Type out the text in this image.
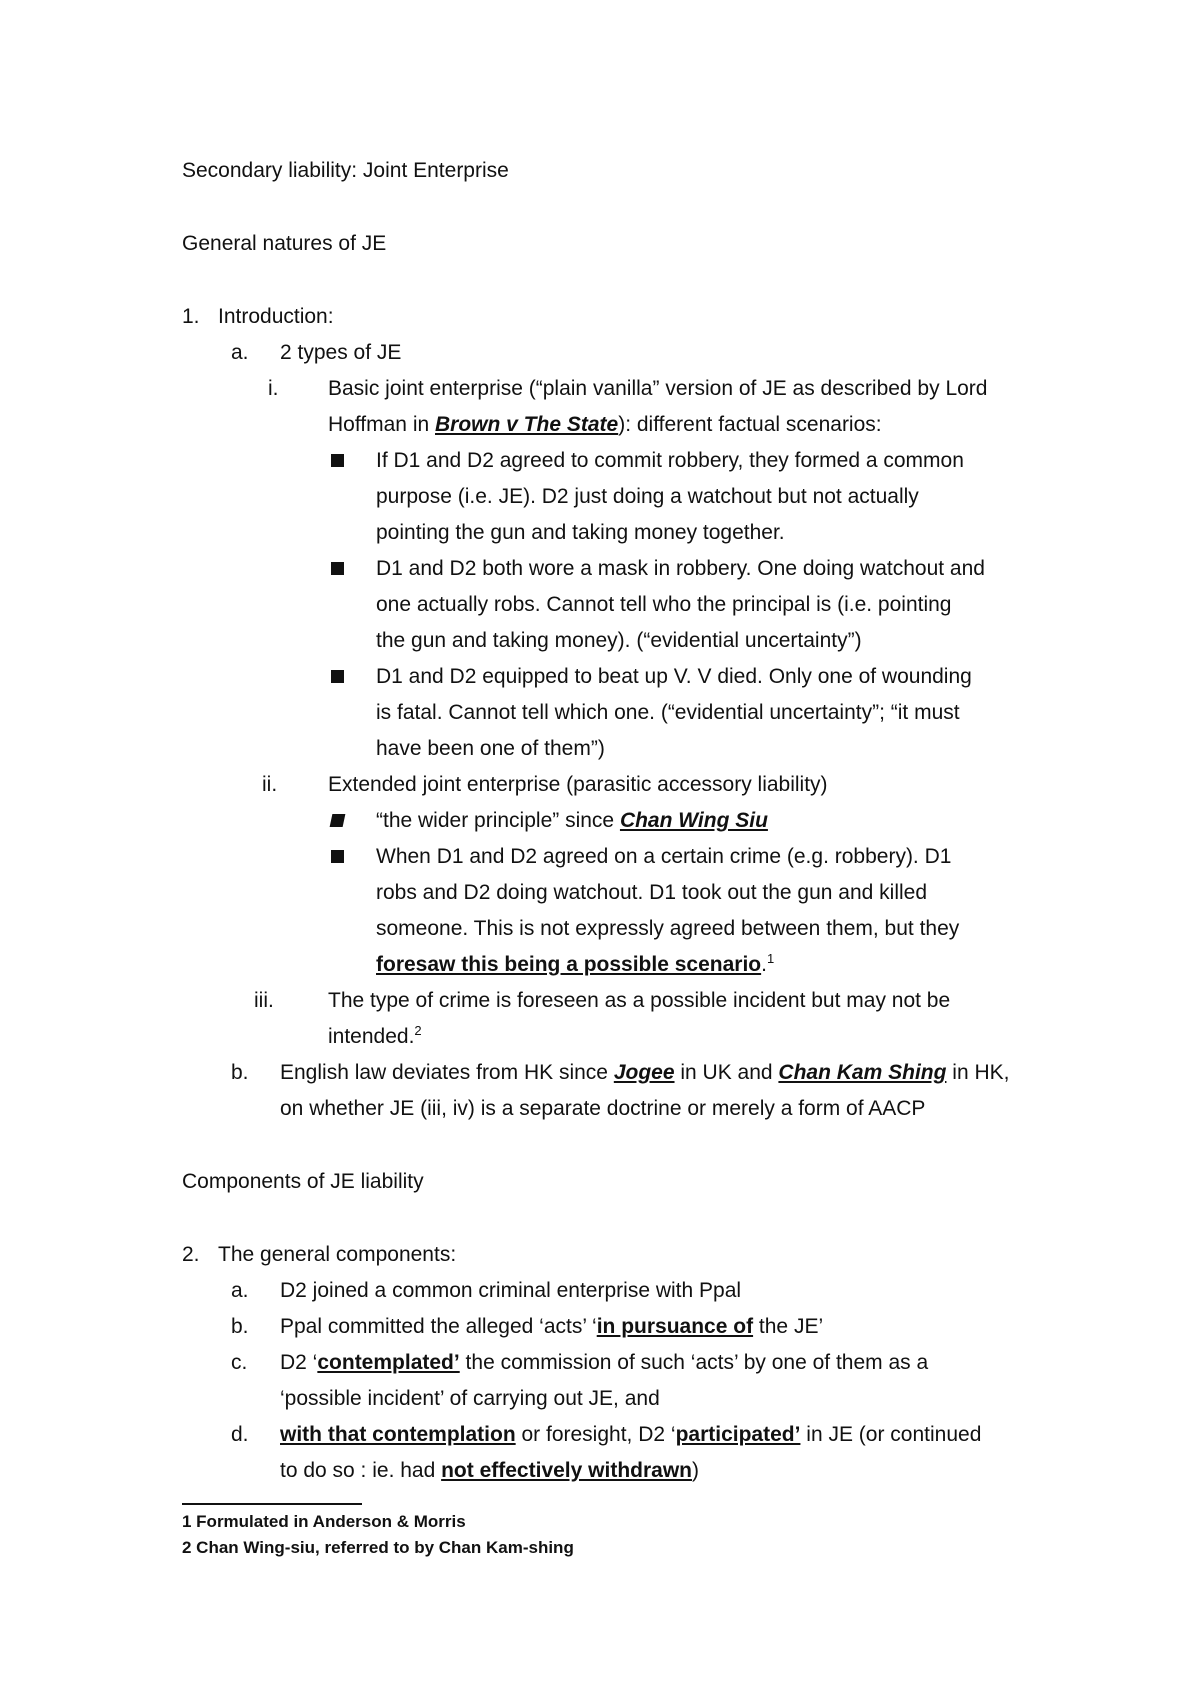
Secondary liability: Joint Enterprise
General natures of JE
1. Introduction:
a. 2 types of JE
i. Basic joint enterprise (“plain vanilla” version of JE as described by Lord
Hoffman in Brown v The State): different factual scenarios:
If D1 and D2 agreed to commit robbery, they formed a common
purpose (i.e. JE). D2 just doing a watchout but not actually
pointing the gun and taking money together.
D1 and D2 both wore a mask in robbery. One doing watchout and
one actually robs. Cannot tell who the principal is (i.e. pointing
the gun and taking money). (“evidential uncertainty”)
D1 and D2 equipped to beat up V. V died. Only one of wounding
is fatal. Cannot tell which one. (“evidential uncertainty”; “it must
have been one of them”)
ii. Extended joint enterprise (parasitic accessory liability)
“the wider principle” since Chan Wing Siu
When D1 and D2 agreed on a certain crime (e.g. robbery). D1
robs and D2 doing watchout. D1 took out the gun and killed
someone. This is not expressly agreed between them, but they
foresaw this being a possible scenario.$^1$
iii.	The type of crime is foreseen as a possible incident but may not be
intended.$^2$
b. English law deviates from HK since Jogee in UK and Chan Kam Shing in HK,
on whether JE (iii, iv) is a separate doctrine or merely a form of AACP
Components of JE liability
2. The general components:
a. D2 joined a common criminal enterprise with Ppal
b. Ppal committed the alleged ‘acts’ ‘in pursuance of the JE’
c. D2 ‘contemplated’ the commission of such ‘acts’ by one of them as a
‘possible incident’ of carrying out JE, and
d. with that contemplation or foresight, D2 ‘participated’ in JE (or continued
to do so : ie. had not effectively withdrawn)
1 Formulated in Anderson & Morris
2 Chan Wing-siu, referred to by Chan Kam-shing
